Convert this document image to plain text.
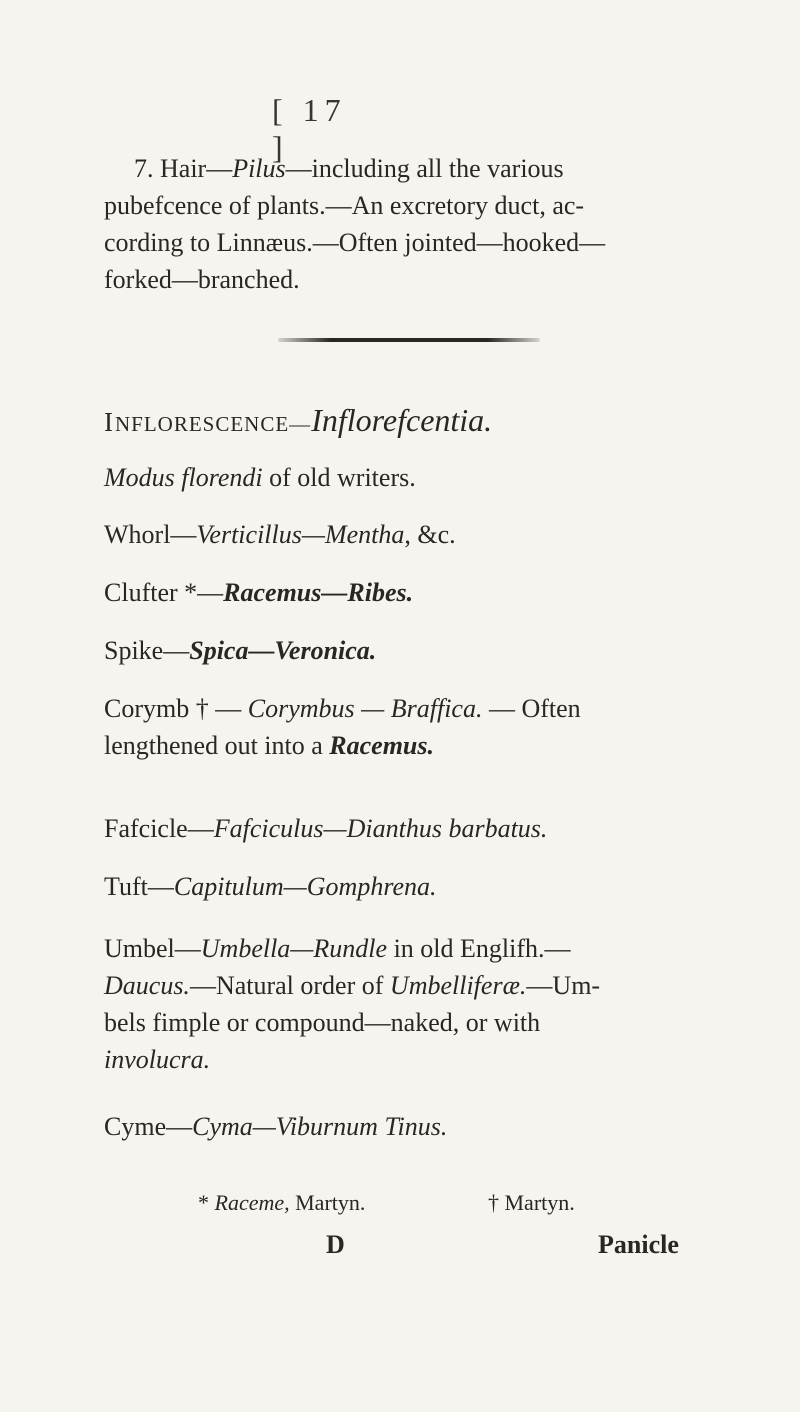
[ 17 ]
7. Hair—Pilus—including all the various
pubefcence of plants.—An excretory duct, ac-
cording to Linnæus.—Often jointed—hooked—
forked—branched.
INFLORESCENCE—Inflorefcentia.
Modus florendi of old writers.
Whorl—Verticillus—Mentha, &c.
Clufter *—Racemus—Ribes.
Spike—Spica—Veronica.
Corymb † — Corymbus — Braffica. — Often
lengthened out into a Racemus.
Fafcicle—Fafciculus—Dianthus barbatus.
Tuft—Capitulum—Gomphrena.
Umbel—Umbella—Rundle in old Englifh.—
Daucus.—Natural order of Umbelliferæ.—Um-
bels fimple or compound—naked, or with
involucra.
Cyme—Cyma—Viburnum Tinus.
* Raceme, Martyn.	† Martyn.
D	Panicle
